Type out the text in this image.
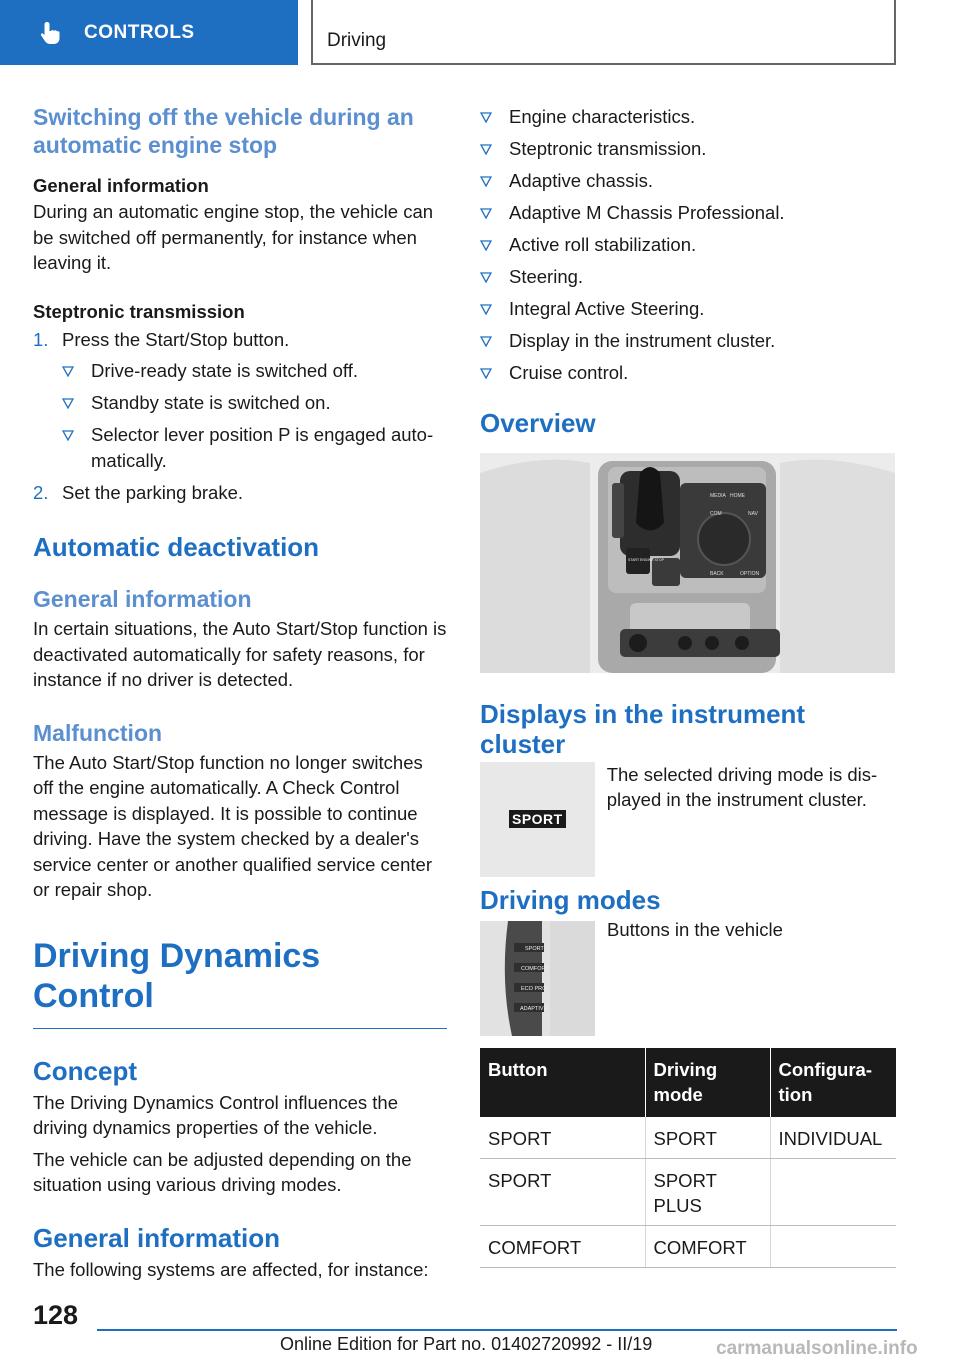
CONTROLS	Driving
Switching off the vehicle during an automatic engine stop
General information

During an automatic engine stop, the vehicle can be switched off permanently, for instance when leaving it.

Steptronic transmission
1. Press the Start/Stop button.
Drive-ready state is switched off.
Standby state is switched on.
Selector lever position P is engaged auto‐matically.
2. Set the parking brake.
Automatic deactivation
General information

In certain situations, the Auto Start/Stop function is deactivated automatically for safety reasons, for instance if no driver is detected.

Malfunction

The Auto Start/Stop function no longer switches off the engine automatically. A Check Control message is displayed. It is possible to continue driving. Have the system checked by a dealer's service center or another qualified service center or repair shop.

Driving Dynamics Control
Concept

The Driving Dynamics Control influences the driving dynamics properties of the vehicle.

The vehicle can be adjusted depending on the situation using various driving modes.

General information

The following systems are affected, for instance:

Engine characteristics.
Steptronic transmission.
Adaptive chassis.
Adaptive M Chassis Professional.
Active roll stabilization.
Steering.
Integral Active Steering.
Display in the instrument cluster.
Cruise control.
Overview
MEDIA HOME
COM	NAV
BACK	OPTION
START ENGINE STOP
Displays in the instrument cluster
SPORT

The selected driving mode is dis‐played in the instrument cluster.

Driving modes
SPORT
COMFORT
ECO PRO
ADAPTIVE

Buttons in the vehicle

Button	Driving mode	Configura‐tion
SPORT	SPORT	INDIVIDUAL
SPORT	SPORT PLUS	
COMFORT	COMFORT	
128
Online Edition for Part no. 01402720992 - II/19	carmanualsonline.info
